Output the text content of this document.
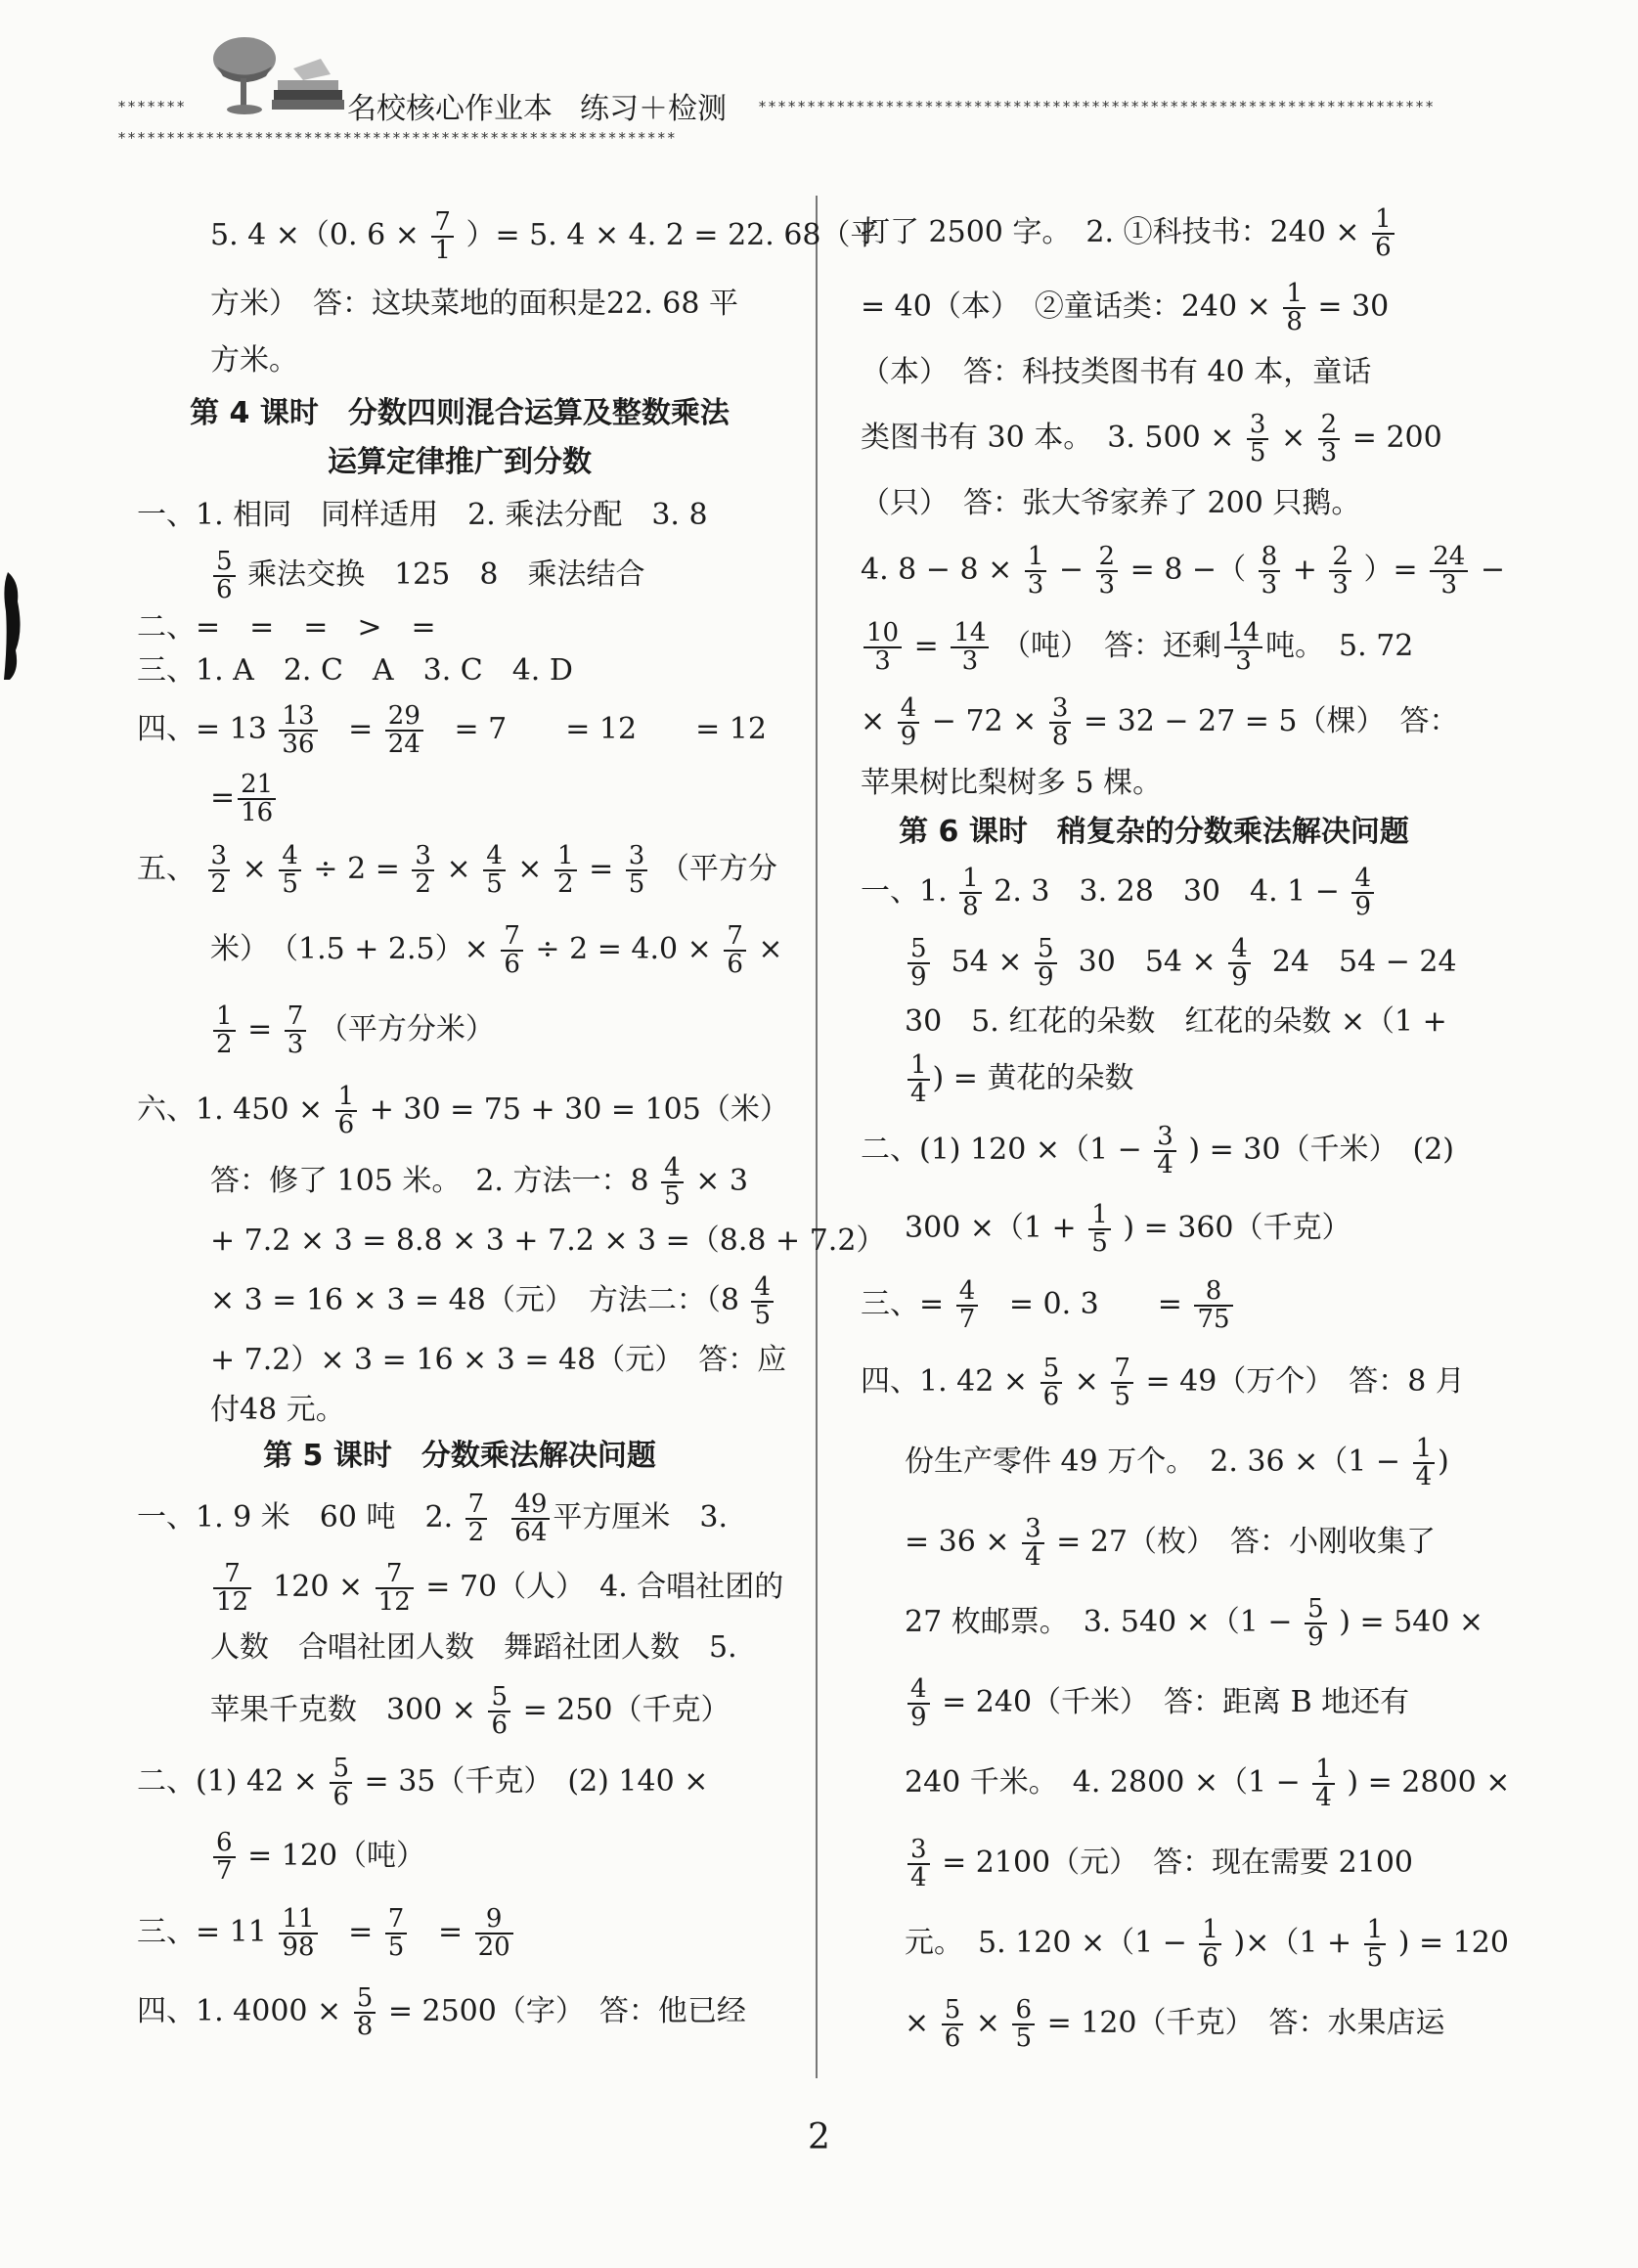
*******	名校核心作业本 练习＋检测	*********************************************************************
*********************************************************
5. 4 ×（0. $6 \times \frac{7}{1}$ ）= 5. 4 × 4. 2 = 22. 68（平
方米）　答：这块菜地的面积是22. 68 平
方米。
第 4 课时　分数四则混合运算及整数乘法
运算定律推广到分数
一、1. 相同　同样适用　2. 乘法分配　3. 8
$\frac{5}{6}$ 乘法交换　125　8　乘法结合
二、=　=　=　>　=
三、1. A　2. C　A　3. C　4. D
四、= $13 \frac{13}{36} = \frac{29}{24} = 7$　　= 12　　= 12
= $\frac{21}{16}$
五、 $\frac{3}{2} \times \frac{4}{5} \div 2 = \frac{3}{2} \times \frac{4}{5} \times \frac{1}{2} = \frac{3}{5}$ （平方分
米）　$(1.5 + 2.5)\times \frac{7}{6} \div 2 = 4.0 \times \frac{7}{6}$ ×
$\frac{1}{2} = \frac{7}{3}$ （平方分米）
六、1. $450 \times \frac{1}{6} + 30 = 75 + 30 = 105$（米）
答：修了 105 米。　2. 方法一：$8 \frac{4}{5} \times 3$
+ 7.2 × 3 = 8.8 × 3 + 7.2 × 3 =（8.8 + 7.2）
× 3 = 16 × 3 = 48（元）　方法二：（$8 \frac{4}{5}$
+ 7.2）× 3 = 16 × 3 = 48（元）　答：应
付48 元。
第 5 课时　分数乘法解决问题
一、1. 9 米　60 吨　2. $\frac{7}{2}$
$\frac{49}{64}$ 平方厘米　3.
$\frac{7}{12} 120 \times \frac{7}{12} = 70$（人）　4. 合唱社团的
人数　合唱社团人数　舞蹈社团人数　5.
苹果千克数　$300 \times \frac{5}{6} = 250$（千克）
二、(1) $42 \times \frac{5}{6} = 35$（千克）　(2) 140 ×
$\frac{6}{7} = 120$（吨）
三、= $11 \frac{11}{98} = \frac{7}{5} = \frac{9}{20}$
四、1. $4000 \times \frac{5}{8} = 2500$（字）　答：他已经
打了 2500 字。　2. ①科技书：$240 \times \frac{1}{6}$
= 40（本）　②童话类：$240 \times \frac{1}{8} = 30$
（本）　答：科技类图书有 40 本，童话
类图书有 30 本。　3. $500 \times \frac{3}{5} \times \frac{2}{3} = 200$
（只）　答：张大爷家养了 200 只鹅。
4. $8 - 8 \times \frac{1}{3} - \frac{2}{3} = 8$ −（ $\frac{8}{3} + \frac{2}{3}$ ）= $\frac{24}{3}$ −
$\frac{10}{3} = \frac{14}{3}$ （吨）　答：还剩 $\frac{14}{3}$ 吨。　5. 72
× $\frac{4}{9} - 72 \times \frac{3}{8} = 32 - 27 = 5$（棵）　答：
苹果树比梨树多 5 棵。
第 6 课时　稍复杂的分数乘法解决问题
一、1. $\frac{1}{8} 2$. 3　3. 28　30　4. $1 - \frac{4}{9}$
$\frac{5}{9} 54 \times \frac{5}{9} 30$　$54 \times \frac{4}{9} 24$　54 − 24
30　5. 红花的朵数　红花的朵数 ×（1 +
$\frac{1}{4}$ ) = 黄花的朵数
二、(1) $120 \times(1 - \frac{3}{4}$ ) = 30（千米）　(2)
$300 \times(1 + \frac{1}{5}$ ) = 360（千克）
三、= $\frac{4}{7} = 0$. 3　　= $\frac{8}{75}$
四、1. $42 \times \frac{5}{6} \times \frac{7}{5} = 49$（万个）　答：8 月
份生产零件 49 万个。　2. $36 \times(1 - \frac{1}{4}$ )
= $36 \times \frac{3}{4} = 27$（枚）　答：小刚收集了
27 枚邮票。　3. $540 \times(1 - \frac{5}{9}$ ) = 540 ×
$\frac{4}{9} = 240$（千米）　答：距离 B 地还有
240 千米。　4. $2800 \times(1 - \frac{1}{4}$ ) = 2800 ×
$\frac{3}{4} = 2100$（元）　答：现在需要 2100
元。　5. $120 \times(1 - \frac{1}{6} )\times(1 + \frac{1}{5}$ ) = 120
× $\frac{5}{6} \times \frac{6}{5} = 120$（千克）　答：水果店运
2
